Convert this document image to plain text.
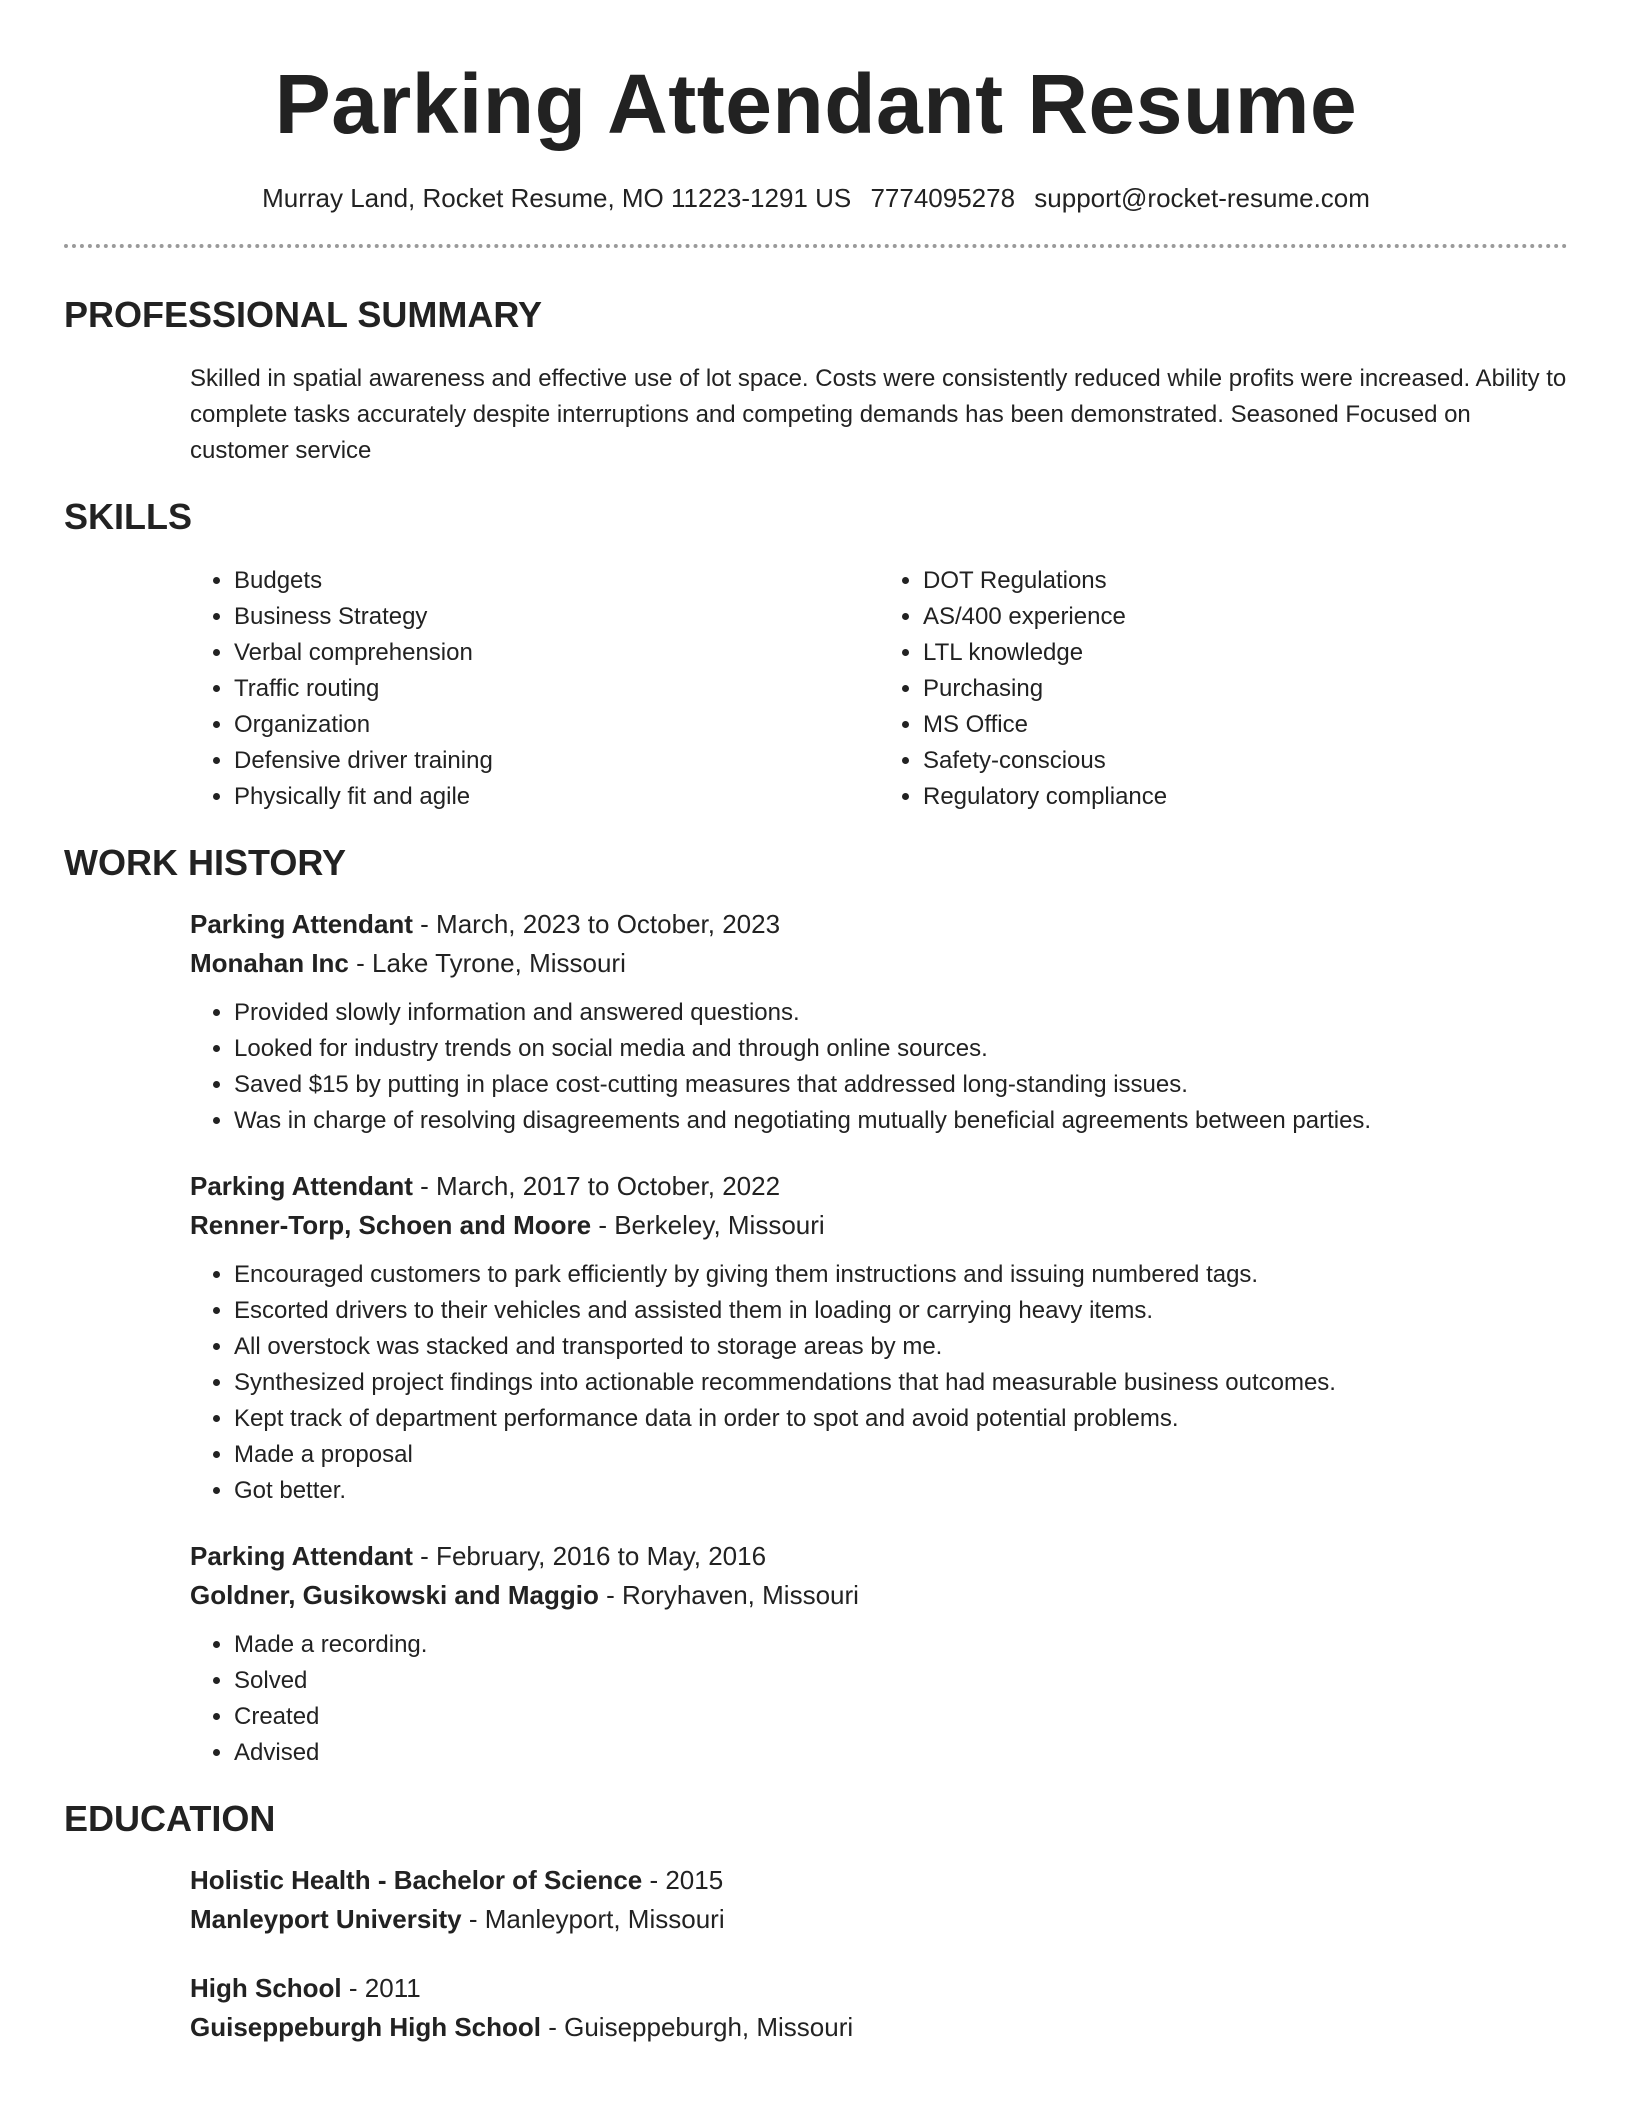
Parking Attendant Resume
Murray Land, Rocket Resume, MO 11223-1291 US 7774095278 support@rocket-resume.com
PROFESSIONAL SUMMARY

Skilled in spatial awareness and effective use of lot space. Costs were consistently reduced while profits were increased. Ability to complete tasks accurately despite interruptions and competing demands has been demonstrated. Seasoned Focused on customer service

SKILLS
• Budgets
• Business Strategy
• Verbal comprehension
• Traffic routing
• Organization
• Defensive driver training
• Physically fit and agile
• DOT Regulations
• AS/400 experience
• LTL knowledge
• Purchasing
• MS Office
• Safety-conscious
• Regulatory compliance
WORK HISTORY
Parking Attendant - March, 2023 to October, 2023
Monahan Inc - Lake Tyrone, Missouri
• Provided slowly information and answered questions.
• Looked for industry trends on social media and through online sources.
• Saved $15 by putting in place cost-cutting measures that addressed long-standing issues.
• Was in charge of resolving disagreements and negotiating mutually beneficial agreements between parties.
Parking Attendant - March, 2017 to October, 2022
Renner-Torp, Schoen and Moore - Berkeley, Missouri
• Encouraged customers to park efficiently by giving them instructions and issuing numbered tags.
• Escorted drivers to their vehicles and assisted them in loading or carrying heavy items.
• All overstock was stacked and transported to storage areas by me.
• Synthesized project findings into actionable recommendations that had measurable business outcomes.
• Kept track of department performance data in order to spot and avoid potential problems.
• Made a proposal
• Got better.
Parking Attendant - February, 2016 to May, 2016
Goldner, Gusikowski and Maggio - Roryhaven, Missouri
• Made a recording.
• Solved
• Created
• Advised
EDUCATION
Holistic Health - Bachelor of Science - 2015
Manleyport University - Manleyport, Missouri
High School - 2011
Guiseppeburgh High School - Guiseppeburgh, Missouri
